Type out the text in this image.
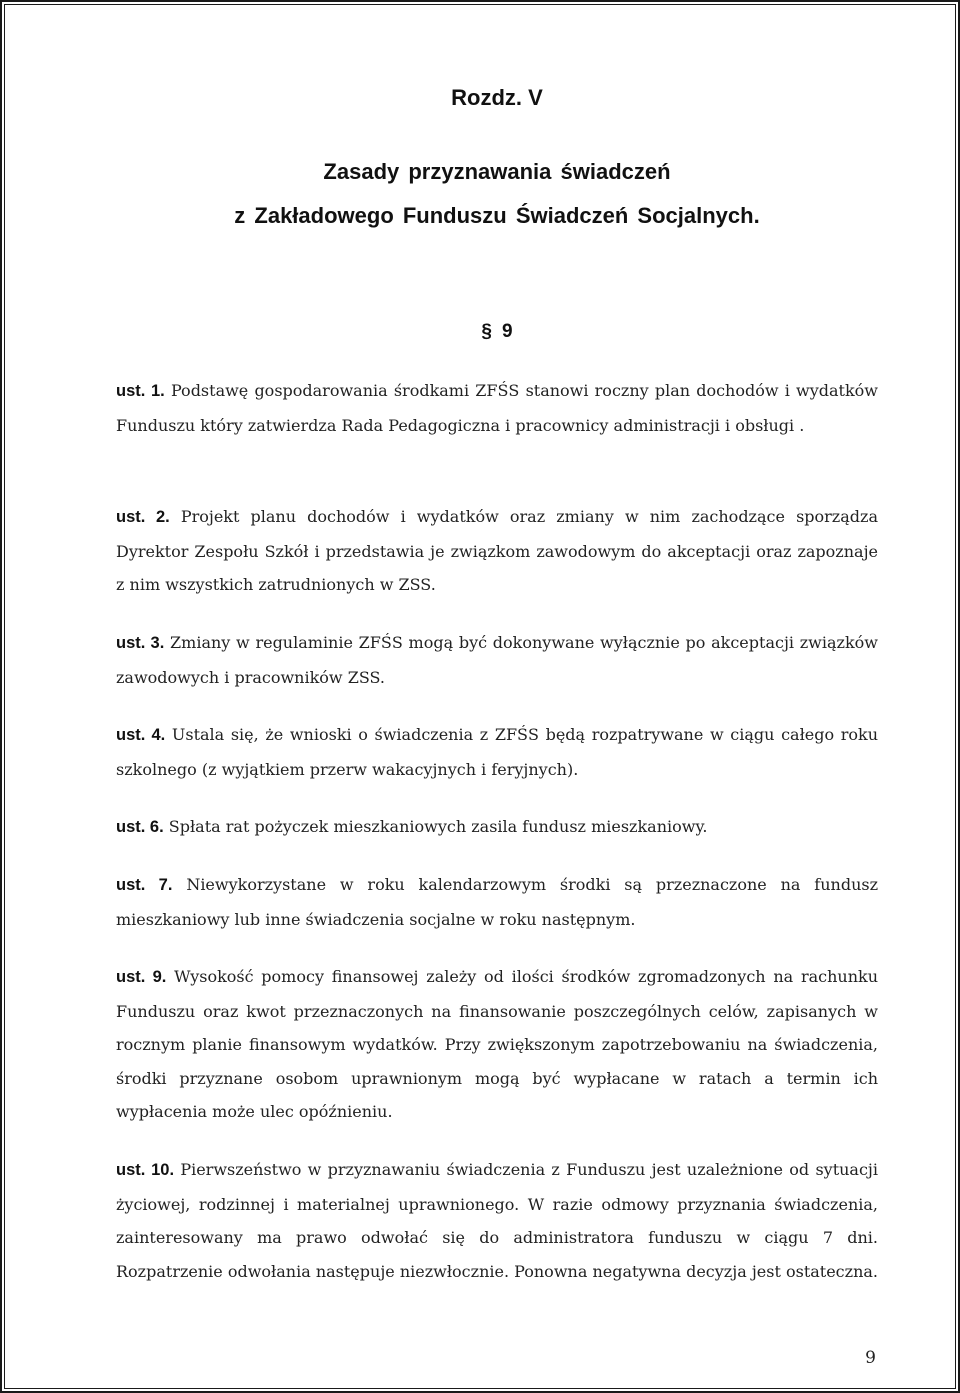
Rozdz. V
Zasady przyznawania świadczeń
z Zakładowego Funduszu Świadczeń Socjalnych.
§ 9

ust. 1. Podstawę gospodarowania środkami ZFŚS stanowi roczny plan dochodów i wydatków Funduszu który zatwierdza Rada Pedagogiczna i pracownicy administracji i obsługi .

ust. 2. Projekt planu dochodów i wydatków oraz zmiany w nim zachodzące sporządza Dyrektor Zespołu Szkół i przedstawia je związkom zawodowym do akceptacji oraz zapoznaje z nim wszystkich zatrudnionych w ZSS.

ust. 3. Zmiany w regulaminie ZFŚS mogą być dokonywane wyłącznie po akceptacji związków zawodowych i pracowników ZSS.

ust. 4. Ustala się, że wnioski o świadczenia z ZFŚS będą rozpatrywane w ciągu całego roku szkolnego (z wyjątkiem przerw wakacyjnych i feryjnych).

ust. 6. Spłata rat pożyczek mieszkaniowych zasila fundusz mieszkaniowy.

ust. 7. Niewykorzystane w roku kalendarzowym środki są przeznaczone na fundusz mieszkaniowy lub inne świadczenia socjalne w roku następnym.

ust. 9. Wysokość pomocy finansowej zależy od ilości środków zgromadzonych na rachunku Funduszu oraz kwot przeznaczonych na finansowanie poszczególnych celów, zapisanych w rocznym planie finansowym wydatków. Przy zwiększonym zapotrzebowaniu na świadczenia, środki przyznane osobom uprawnionym mogą być wypłacane w ratach a termin ich wypłacenia może ulec opóźnieniu.

ust. 10. Pierwszeństwo w przyznawaniu świadczenia z Funduszu jest uzależnione od sytuacji życiowej, rodzinnej i materialnej uprawnionego. W razie odmowy przyznania świadczenia, zainteresowany ma prawo odwołać się do administratora funduszu w ciągu 7 dni. Rozpatrzenie odwołania następuje niezwłocznie. Ponowna negatywna decyzja jest ostateczna.

9
